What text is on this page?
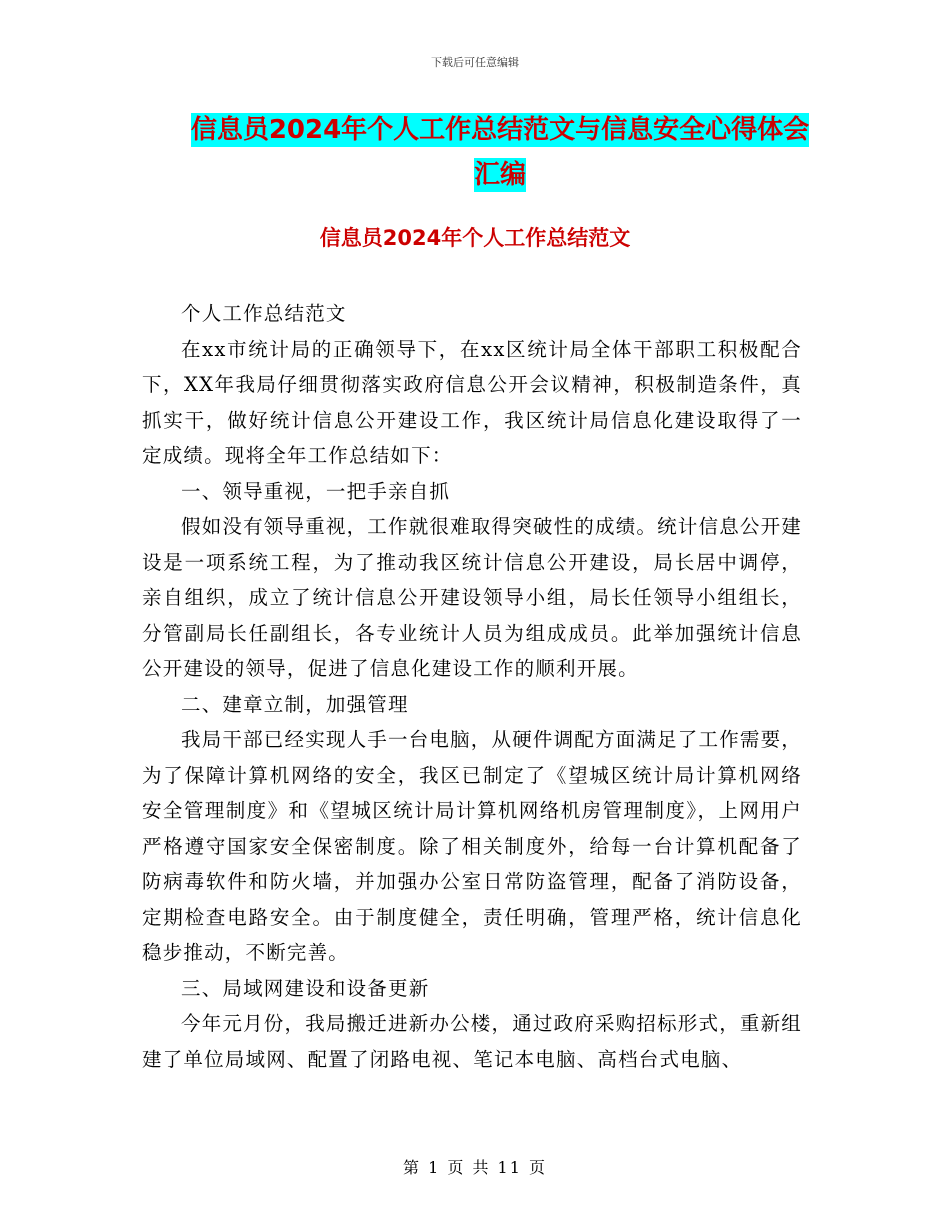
下载后可任意编辑
信息员2024年个人工作总结范文与信息安全心得体会
汇编
信息员2024年个人工作总结范文

个人工作总结范文

在xx市统计局的正确领导下，在xx区统计局全体干部职工积极配合下，XX年我局仔细贯彻落实政府信息公开会议精神，积极制造条件，真抓实干，做好统计信息公开建设工作，我区统计局信息化建设取得了一定成绩。现将全年工作总结如下：

一、领导重视，一把手亲自抓

假如没有领导重视，工作就很难取得突破性的成绩。统计信息公开建设是一项系统工程，为了推动我区统计信息公开建设，局长居中调停，亲自组织，成立了统计信息公开建设领导小组，局长任领导小组组长，分管副局长任副组长，各专业统计人员为组成成员。此举加强统计信息公开建设的领导，促进了信息化建设工作的顺利开展。

二、建章立制，加强管理

我局干部已经实现人手一台电脑，从硬件调配方面满足了工作需要，为了保障计算机网络的安全，我区已制定了《望城区统计局计算机网络安全管理制度》和《望城区统计局计算机网络机房管理制度》，上网用户严格遵守国家安全保密制度。除了相关制度外，给每一台计算机配备了防病毒软件和防火墙，并加强办公室日常防盗管理，配备了消防设备，定期检查电路安全。由于制度健全，责任明确，管理严格，统计信息化稳步推动，不断完善。

三、局域网建设和设备更新

今年元月份，我局搬迁进新办公楼，通过政府采购招标形式，重新组建了单位局域网、配置了闭路电视、笔记本电脑、高档台式电脑、

第 1 页 共 11 页
